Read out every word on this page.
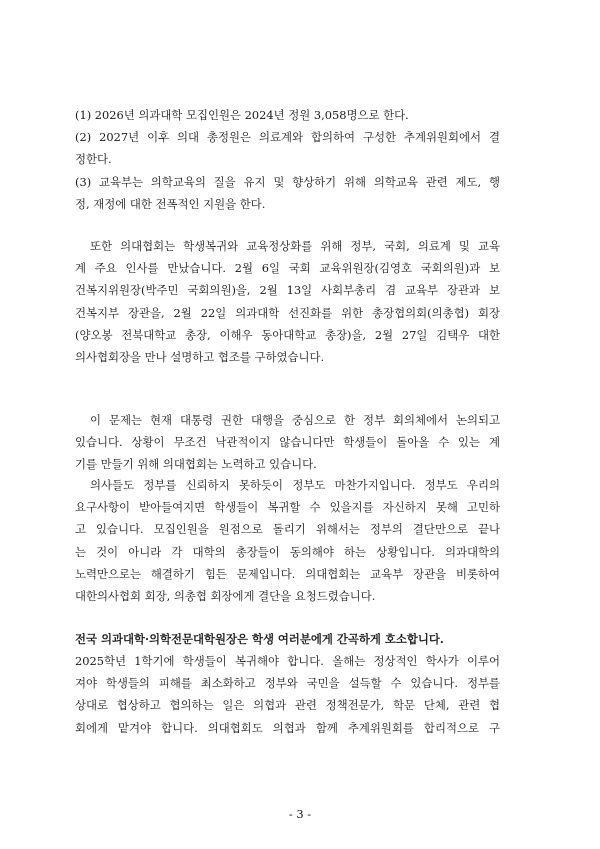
(1) 2026년 의과대학 모집인원은 2024년 정원 3,058명으로 한다.
(2) 2027년 이후 의대 총정원은 의료계와 합의하여 구성한 추계위원회에서 결
정한다.
(3) 교육부는 의학교육의 질을 유지 및 향상하기 위해 의학교육 관련 제도, 행
정, 재정에 대한 전폭적인 지원을 한다.
또한 의대협회는 학생복귀와 교육정상화를 위해 정부, 국회, 의료계 및 교육
계 주요 인사를 만났습니다. 2월 6일 국회 교육위원장(김영호 국회의원)과 보
건복지위원장(박주민 국회의원)을, 2월 13일 사회부총리 겸 교육부 장관과 보
건복지부 장관을, 2월 22일 의과대학 선진화를 위한 총장협의회(의총협) 회장
(양오봉 전북대학교 총장, 이해우 동아대학교 총장)을, 2월 27일 김택우 대한
의사협회장을 만나 설명하고 협조를 구하였습니다.
이 문제는 현재 대통령 권한 대행을 중심으로 한 정부 회의체에서 논의되고
있습니다. 상황이 무조건 낙관적이지 않습니다만 학생들이 돌아올 수 있는 계
기를 만들기 위해 의대협회는 노력하고 있습니다.
의사들도 정부를 신뢰하지 못하듯이 정부도 마찬가지입니다. 정부도 우리의
요구사항이 받아들여지면 학생들이 복귀할 수 있을지를 자신하지 못해 고민하
고 있습니다. 모집인원을 원점으로 돌리기 위해서는 정부의 결단만으로 끝나
는 것이 아니라 각 대학의 총장들이 동의해야 하는 상황입니다. 의과대학의
노력만으로는 해결하기 힘든 문제입니다. 의대협회는 교육부 장관을 비롯하여
대한의사협회 회장, 의총협 회장에게 결단을 요청드렸습니다.
전국 의과대학·의학전문대학원장은 학생 여러분에게 간곡하게 호소합니다.
2025학년 1학기에 학생들이 복귀해야 합니다. 올해는 정상적인 학사가 이루어
져야 학생들의 피해를 최소화하고 정부와 국민을 설득할 수 있습니다. 정부를
상대로 협상하고 협의하는 일은 의협과 관련 정책전문가, 학문 단체, 관련 협
회에게 맡겨야 합니다. 의대협회도 의협과 함께 추계위원회를 합리적으로 구
- 3 -
